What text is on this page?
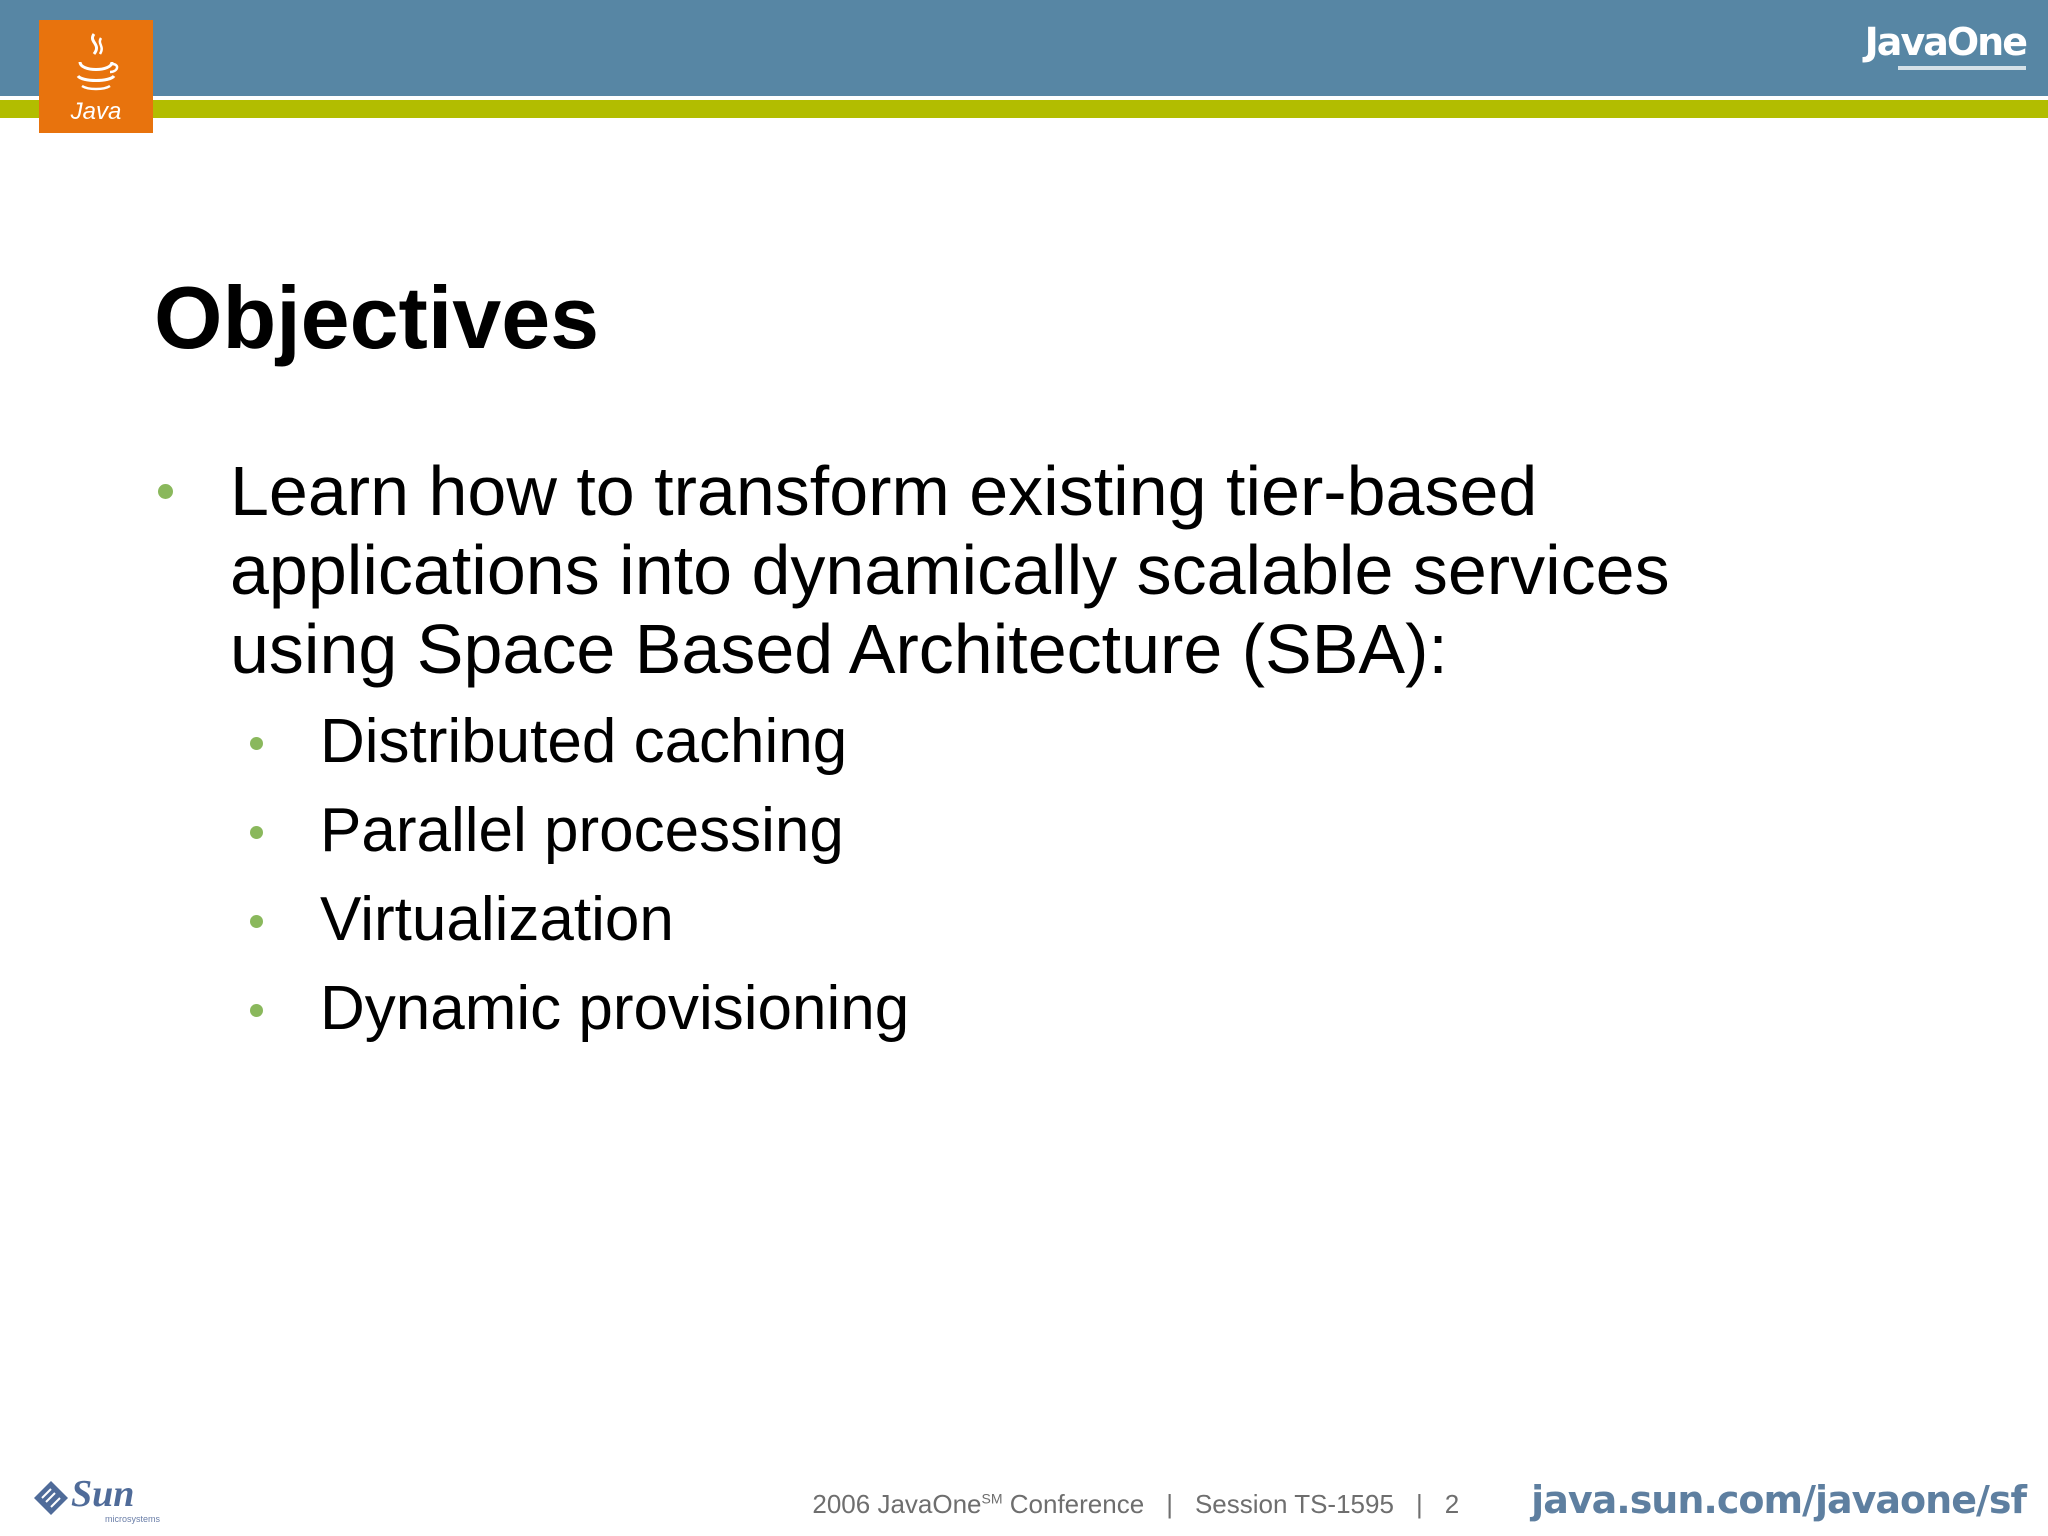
Java
JavaOne
Objectives
Learn how to transform existing tier-based
applications into dynamically scalable services
using Space Based Architecture (SBA):
Distributed caching
Parallel processing
Virtualization
Dynamic provisioning
Sun
microsystems	2006 JavaOne℠ Conference | Session TS-1595 | 2 java.sun.com/javaone/sf
